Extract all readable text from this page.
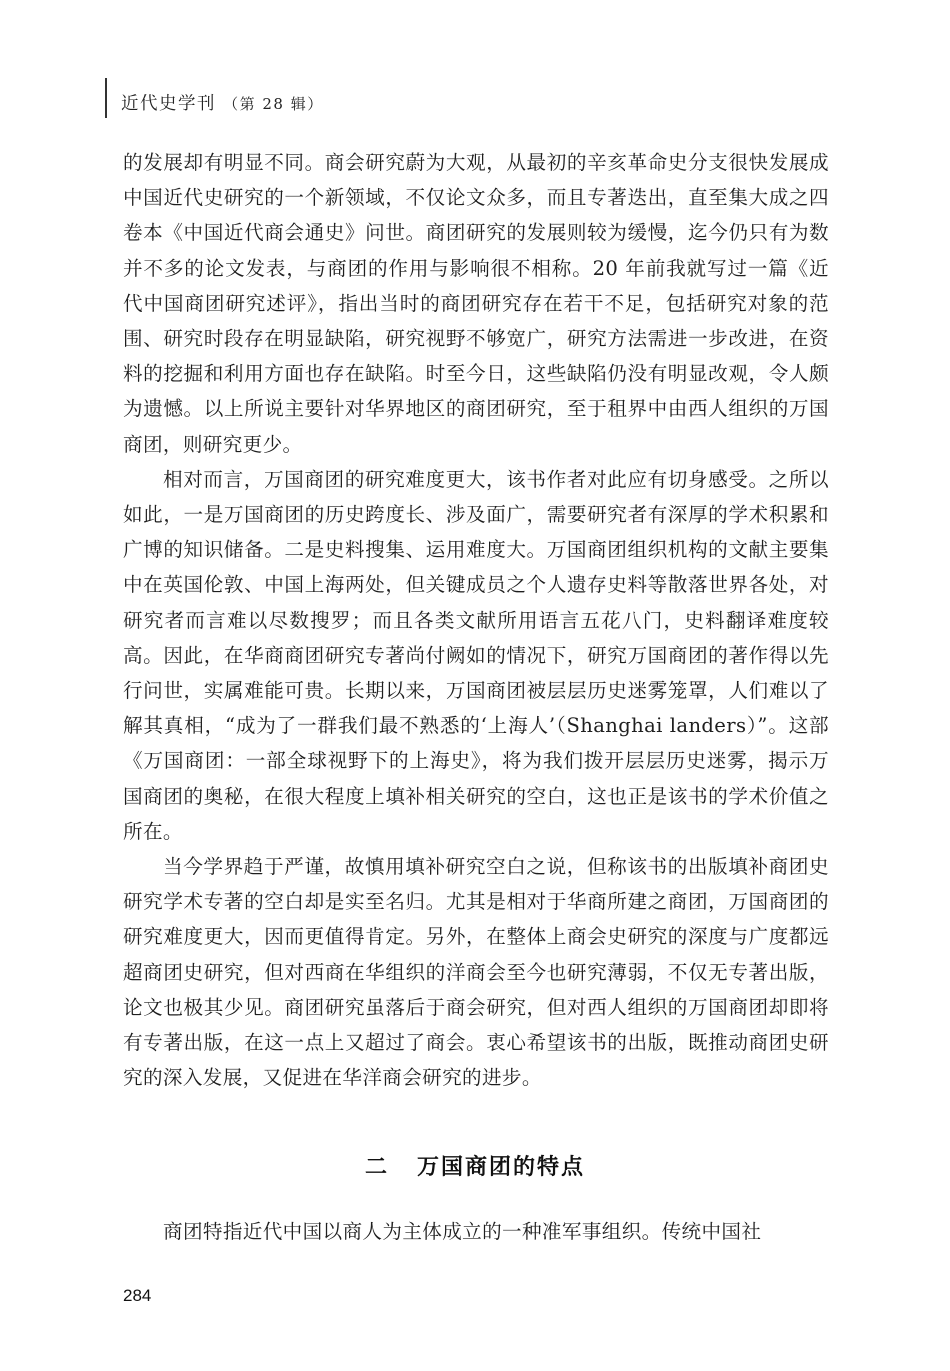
近代史学刊 （第 28 辑）

的发展却有明显不同。商会研究蔚为大观，从最初的辛亥革命史分支很快发展成中国近代史研究的一个新领域，不仅论文众多，而且专著迭出，直至集大成之四卷本《中国近代商会通史》问世。商团研究的发展则较为缓慢，迄今仍只有为数并不多的论文发表，与商团的作用与影响很不相称。20 年前我就写过一篇《近代中国商团研究述评》，指出当时的商团研究存在若干不足，包括研究对象的范围、研究时段存在明显缺陷，研究视野不够宽广，研究方法需进一步改进，在资料的挖掘和利用方面也存在缺陷。时至今日，这些缺陷仍没有明显改观，令人颇为遗憾。以上所说主要针对华界地区的商团研究，至于租界中由西人组织的万国商团，则研究更少。

相对而言，万国商团的研究难度更大，该书作者对此应有切身感受。之所以如此，一是万国商团的历史跨度长、涉及面广，需要研究者有深厚的学术积累和广博的知识储备。二是史料搜集、运用难度大。万国商团组织机构的文献主要集中在英国伦敦、中国上海两处，但关键成员之个人遗存史料等散落世界各处，对研究者而言难以尽数搜罗；而且各类文献所用语言五花八门，史料翻译难度较高。因此，在华商商团研究专著尚付阙如的情况下，研究万国商团的著作得以先行问世，实属难能可贵。长期以来，万国商团被层层历史迷雾笼罩，人们难以了解其真相，“成为了一群我们最不熟悉的‘上海人’（Shanghai landers）”。这部《万国商团：一部全球视野下的上海史》，将为我们拨开层层历史迷雾，揭示万国商团的奥秘，在很大程度上填补相关研究的空白，这也正是该书的学术价值之所在。

当今学界趋于严谨，故慎用填补研究空白之说，但称该书的出版填补商团史研究学术专著的空白却是实至名归。尤其是相对于华商所建之商团，万国商团的研究难度更大，因而更值得肯定。另外，在整体上商会史研究的深度与广度都远超商团史研究，但对西商在华组织的洋商会至今也研究薄弱，不仅无专著出版，论文也极其少见。商团研究虽落后于商会研究，但对西人组织的万国商团却即将有专著出版，在这一点上又超过了商会。衷心希望该书的出版，既推动商团史研究的深入发展，又促进在华洋商会研究的进步。

二 万国商团的特点

商团特指近代中国以商人为主体成立的一种准军事组织。传统中国社

284
